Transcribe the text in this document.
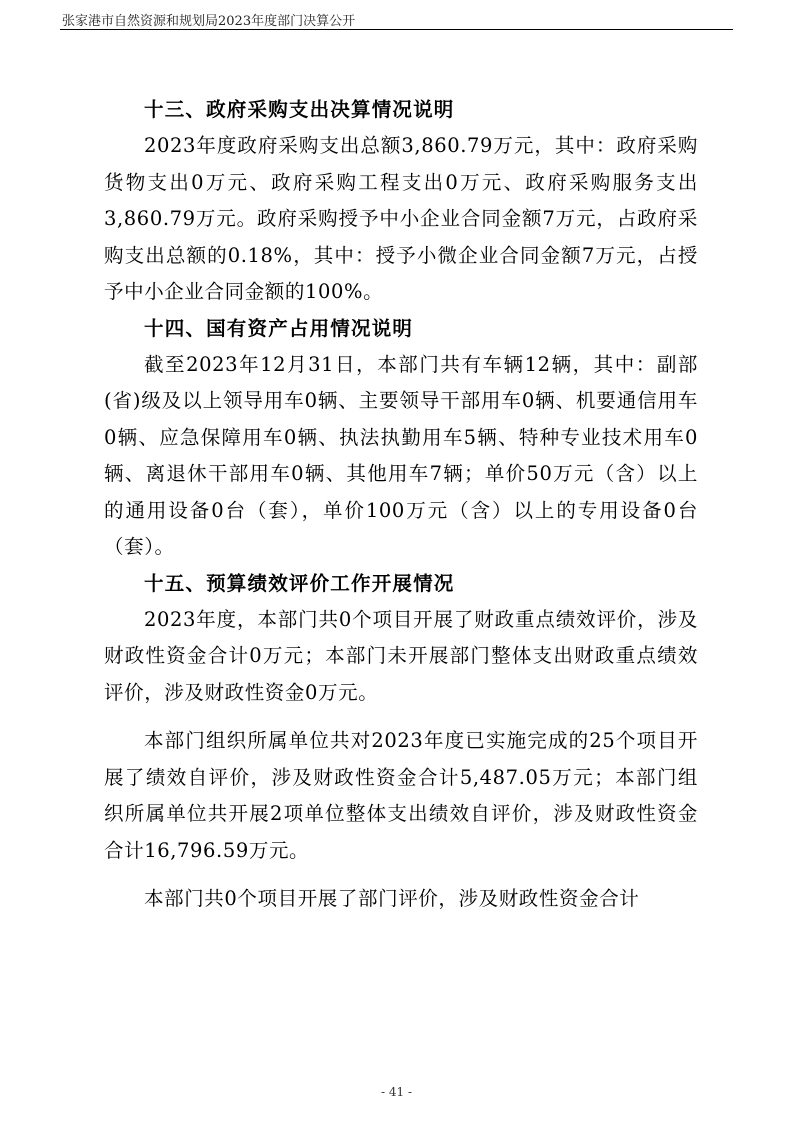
张家港市自然资源和规划局2023年度部门决算公开
十三、政府采购支出决算情况说明

2023年度政府采购支出总额3,860.79万元，其中：政府采购货物支出0万元、政府采购工程支出0万元、政府采购服务支出3,860.79万元。政府采购授予中小企业合同金额7万元，占政府采购支出总额的0.18%，其中：授予小微企业合同金额7万元，占授予中小企业合同金额的100%。

十四、国有资产占用情况说明

截至2023年12月31日，本部门共有车辆12辆，其中：副部(省)级及以上领导用车0辆、主要领导干部用车0辆、机要通信用车0辆、应急保障用车0辆、执法执勤用车5辆、特种专业技术用车0辆、离退休干部用车0辆、其他用车7辆；单价50万元（含）以上的通用设备0台（套），单价100万元（含）以上的专用设备0台（套）。

十五、预算绩效评价工作开展情况

2023年度，本部门共0个项目开展了财政重点绩效评价，涉及财政性资金合计0万元；本部门未开展部门整体支出财政重点绩效评价，涉及财政性资金0万元。

本部门组织所属单位共对2023年度已实施完成的25个项目开展了绩效自评价，涉及财政性资金合计5,487.05万元；本部门组织所属单位共开展2项单位整体支出绩效自评价，涉及财政性资金合计16,796.59万元。

本部门共0个项目开展了部门评价，涉及财政性资金合计

- 41 -
